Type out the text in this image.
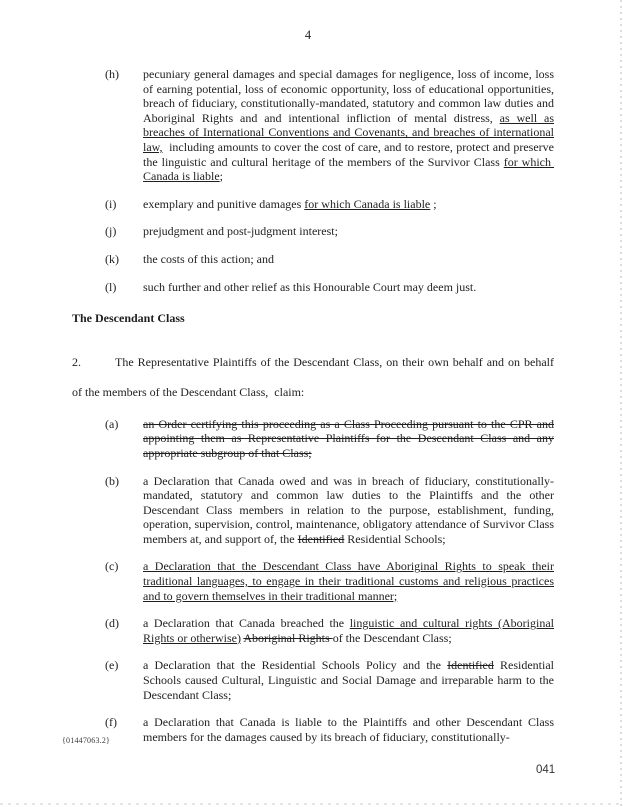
4
(h)	pecuniary general damages and special damages for negligence, loss of income, loss of earning potential, loss of economic opportunity, loss of educational opportunities, breach of fiduciary, constitutionally-mandated, statutory and common law duties and Aboriginal Rights and and intentional infliction of mental distress, as well as breaches of International Conventions and Covenants, and breaches of international law,  including amounts to cover the cost of care, and to restore, protect and preserve the linguistic and cultural heritage of the members of the Survivor Class for which  Canada is liable;

(i)	exemplary and punitive damages for which Canada is liable ;

(j)	prejudgment and post-judgment interest;

(k)	the costs of this action; and

(l)	such further and other relief as this Honourable Court may deem just.

The Descendant Class

2.	The Representative Plaintiffs of the Descendant Class, on their own behalf and on behalf of the members of the Descendant Class,  claim:

(a)	an Order certifying this proceeding as a Class Proceeding pursuant to the CPR and appointing them as Representative Plaintiffs for the Descendant Class and any appropriate subgroup of that Class;

(b)	a Declaration that Canada owed and was in breach of fiduciary, constitutionally-mandated, statutory and common law duties to the Plaintiffs and the other Descendant Class members in relation to the purpose, establishment, funding, operation, supervision, control, maintenance, obligatory attendance of Survivor Class members at, and support of, the Identified Residential Schools;

(c)	a Declaration that the Descendant Class have Aboriginal Rights to speak their traditional languages, to engage in their traditional customs and religious practices and to govern themselves in their traditional manner;

(d)	a Declaration that Canada breached the linguistic and cultural rights (Aboriginal Rights or otherwise) Aboriginal Rights of the Descendant Class;

(e)	a Declaration that the Residential Schools Policy and the Identified Residential Schools caused Cultural, Linguistic and Social Damage and irreparable harm to the Descendant Class;

(f)	a Declaration that Canada is liable to the Plaintiffs and other Descendant Class members for the damages caused by its breach of fiduciary, constitutionally-

{01447063.2}
041
